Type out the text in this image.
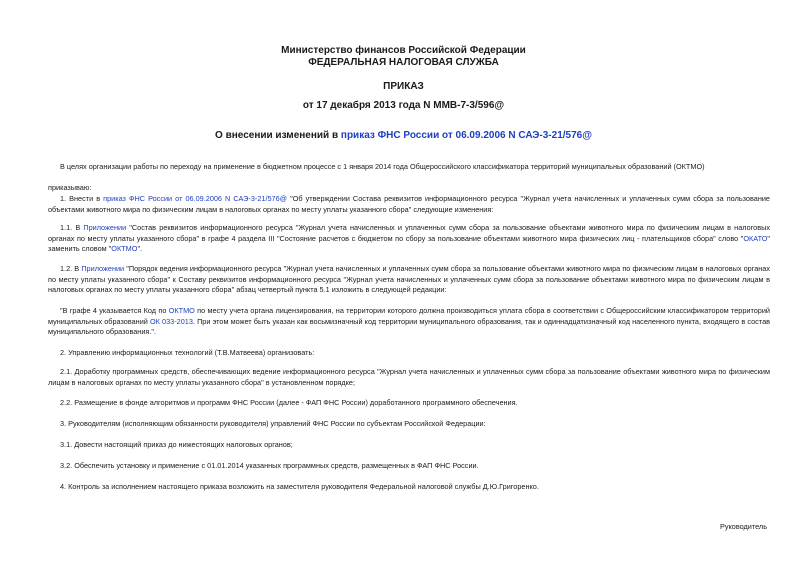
Министерство финансов Российской Федерации
ФЕДЕРАЛЬНАЯ НАЛОГОВАЯ СЛУЖБА
ПРИКАЗ
от 17 декабря 2013 года N ММВ-7-3/596@
О внесении изменений в приказ ФНС России от 06.09.2006 N САЭ-3-21/576@
В целях организации работы по переходу на применение в бюджетном процессе с 1 января 2014 года Общероссийского классификатора территорий муниципальных образований (ОКТМО)
приказываю:
1. Внести в приказ ФНС России от 06.09.2006 N САЭ-3-21/576@ "Об утверждении Состава реквизитов информационного ресурса "Журнал учета начисленных и уплаченных сумм сбора за пользование объектами животного мира по физическим лицам в налоговых органах по месту уплаты указанного сбора" следующие изменения:
1.1. В Приложении "Состав реквизитов информационного ресурса "Журнал учета начисленных и уплаченных сумм сбора за пользование объектами животного мира по физическим лицам в налоговых органах по месту уплаты указанного сбора" в графе 4 раздела III "Состояние расчетов с бюджетом по сбору за пользование объектами животного мира физических лиц - плательщиков сбора" слово "ОКАТО" заменить словом "ОКТМО".
1.2. В Приложении "Порядок ведения информационного ресурса "Журнал учета начисленных и уплаченных сумм сбора за пользование объектами животного мира по физическим лицам в налоговых органах по месту уплаты указанного сбора" к Составу реквизитов информационного ресурса "Журнал учета начисленных и уплаченных сумм сбора за пользование объектами животного мира по физическим лицам в налоговых органах по месту уплаты указанного сбора" абзац четвертый пункта 5.1 изложить в следующей редакции:
"В графе 4 указывается Код по ОКТМО по месту учета органа лицензирования, на территории которого должна производиться уплата сбора в соответствии с Общероссийским классификатором территорий муниципальных образований ОК 033-2013. При этом может быть указан как восьмизначный код территории муниципального образования, так и одиннадцатизначный код населенного пункта, входящего в состав муниципального образования.".
2. Управлению информационных технологий (Т.В.Матвеева) организовать:
2.1. Доработку программных средств, обеспечивающих ведение информационного ресурса "Журнал учета начисленных и уплаченных сумм сбора за пользование объектами животного мира по физическим лицам в налоговых органах по месту уплаты указанного сбора" в установленном порядке;
2.2. Размещение в фонде алгоритмов и программ ФНС России (далее - ФАП ФНС России) доработанного программного обеспечения.
3. Руководителям (исполняющим обязанности руководителя) управлений ФНС России по субъектам Российской Федерации:
3.1. Довести настоящий приказ до нижестоящих налоговых органов;
3.2. Обеспечить установку и применение с 01.01.2014 указанных программных средств, размещенных в ФАП ФНС России.
4. Контроль за исполнением настоящего приказа возложить на заместителя руководителя Федеральной налоговой службы Д.Ю.Григоренко.
Руководитель
